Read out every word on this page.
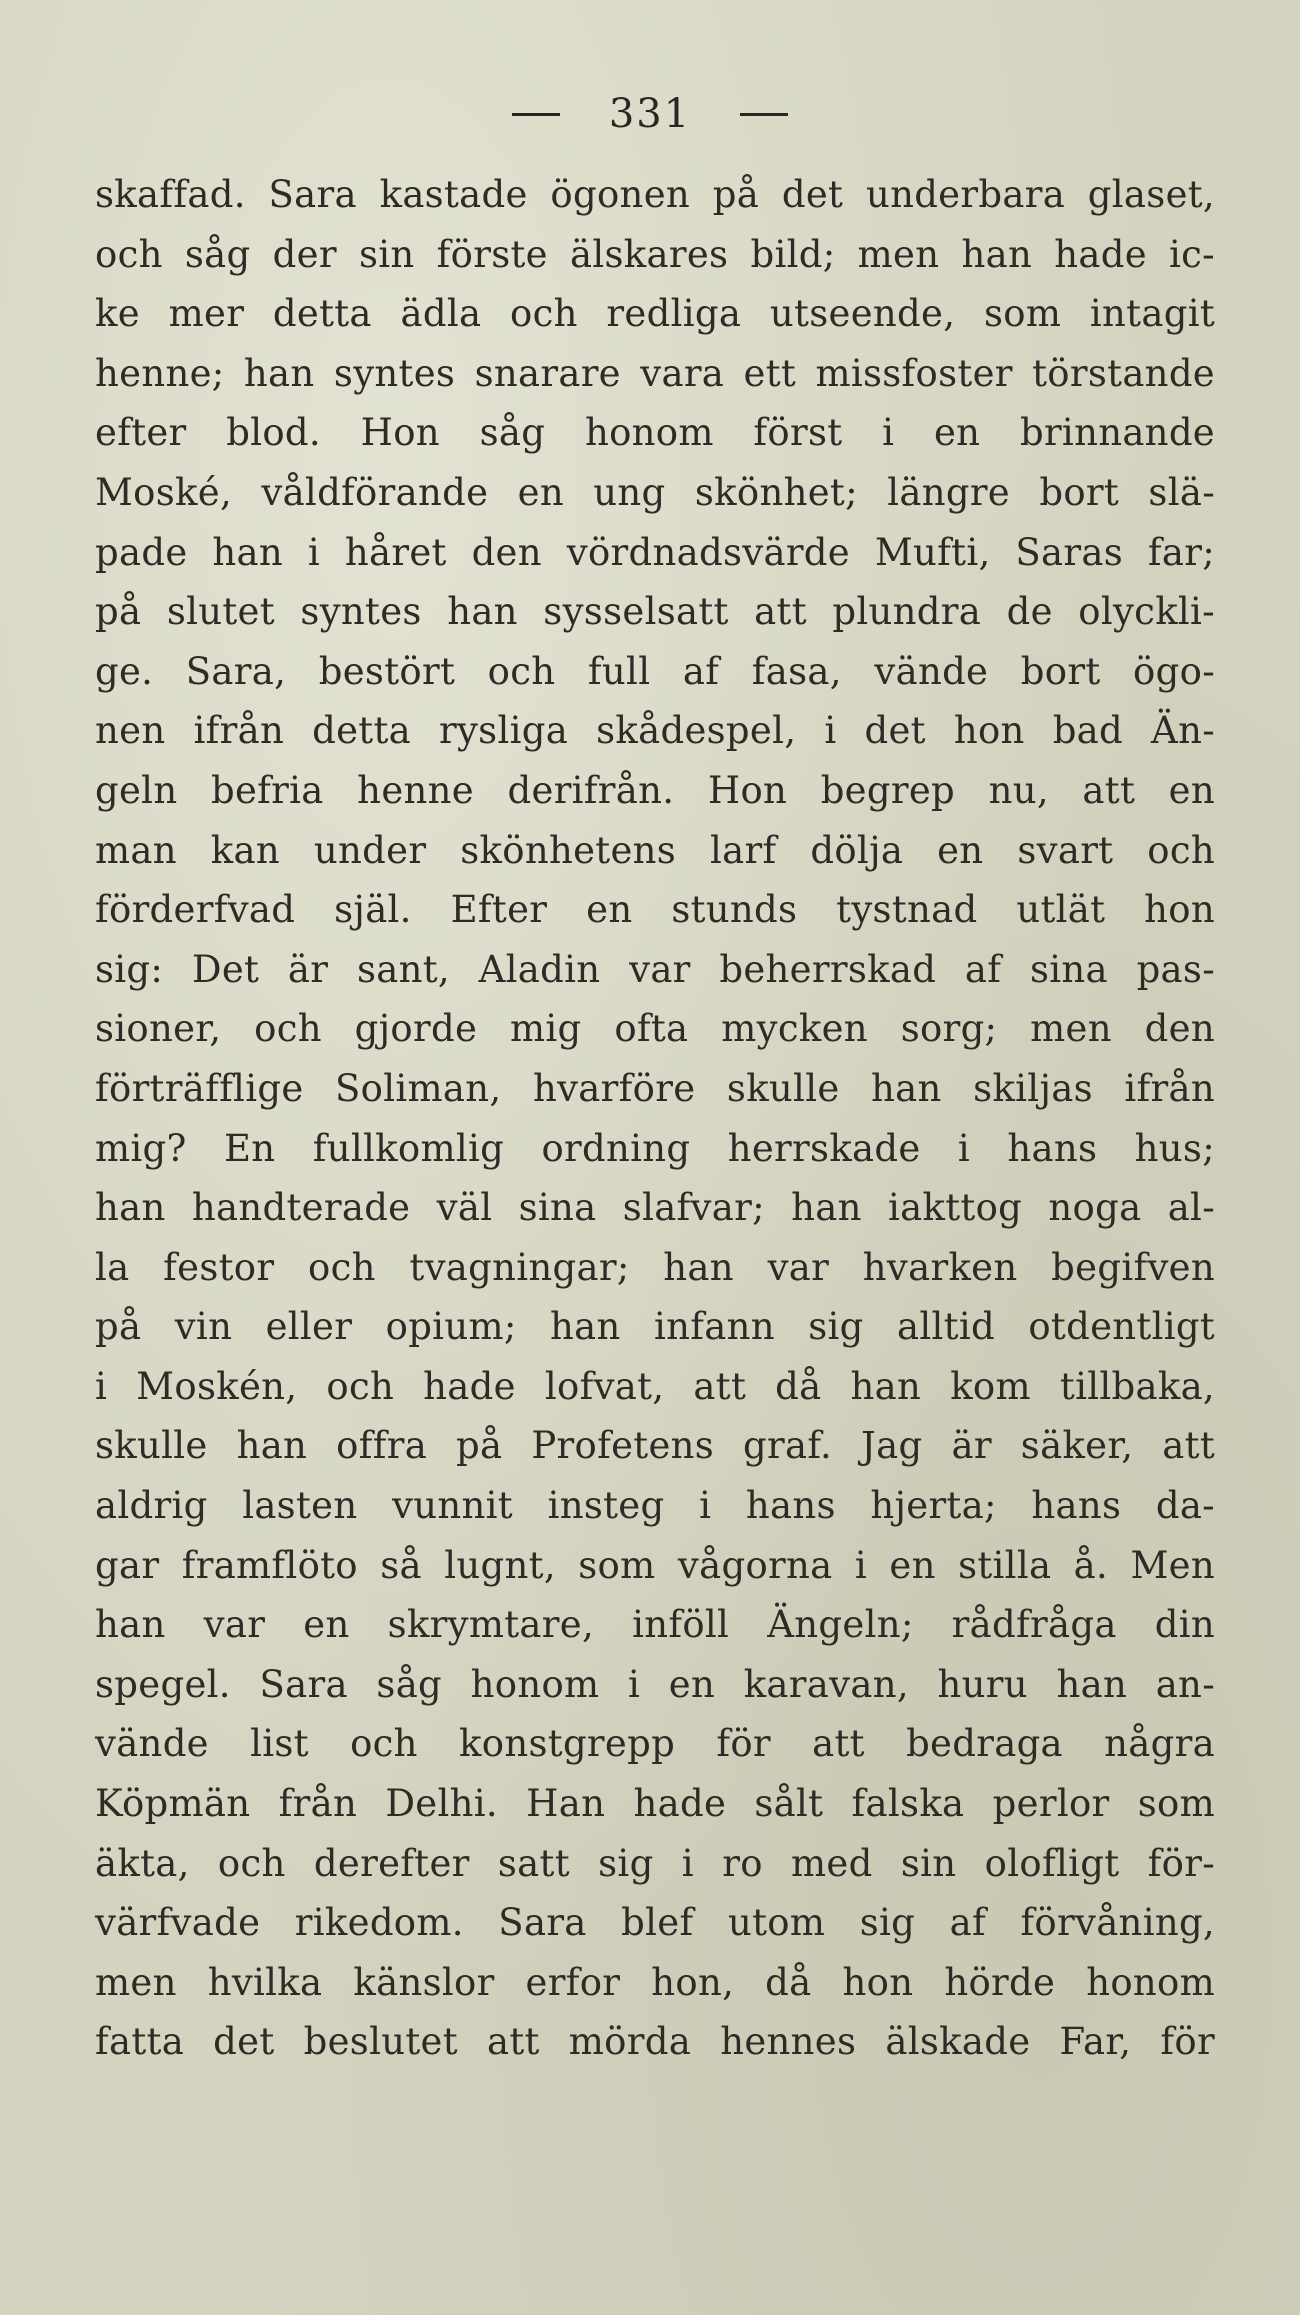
331
skaffad. Sara kastade ögonen på det underbara glaset,
och såg der sin förste älskares bild; men han hade ic-
ke mer detta ädla och redliga utseende, som intagit
henne; han syntes snarare vara ett missfoster törstande
efter blod. Hon såg honom först i en brinnande
Moské, våldförande en ung skönhet; längre bort slä-
pade han i håret den vördnadsvärde Mufti, Saras far;
på slutet syntes han sysselsatt att plundra de olyckli-
ge. Sara, bestört och full af fasa, vände bort ögo-
nen ifrån detta rysliga skådespel, i det hon bad Än-
geln befria henne derifrån. Hon begrep nu, att en
man kan under skönhetens larf dölja en svart och
förderfvad själ. Efter en stunds tystnad utlät hon
sig: Det är sant, Aladin var beherrskad af sina pas-
sioner, och gjorde mig ofta mycken sorg; men den
förträfflige Soliman, hvarföre skulle han skiljas ifrån
mig? En fullkomlig ordning herrskade i hans hus;
han handterade väl sina slafvar; han iakttog noga al-
la festor och tvagningar; han var hvarken begifven
på vin eller opium; han infann sig alltid otdentligt
i Moskén, och hade lofvat, att då han kom tillbaka,
skulle han offra på Profetens graf. Jag är säker, att
aldrig lasten vunnit insteg i hans hjerta; hans da-
gar framflöto så lugnt, som vågorna i en stilla å. Men
han var en skrymtare, inföll Ängeln; rådfråga din
spegel. Sara såg honom i en karavan, huru han an-
vände list och konstgrepp för att bedraga några
Köpmän från Delhi. Han hade sålt falska perlor som
äkta, och derefter satt sig i ro med sin olofligt för-
värfvade rikedom. Sara blef utom sig af förvåning,
men hvilka känslor erfor hon, då hon hörde honom
fatta det beslutet att mörda hennes älskade Far, för
